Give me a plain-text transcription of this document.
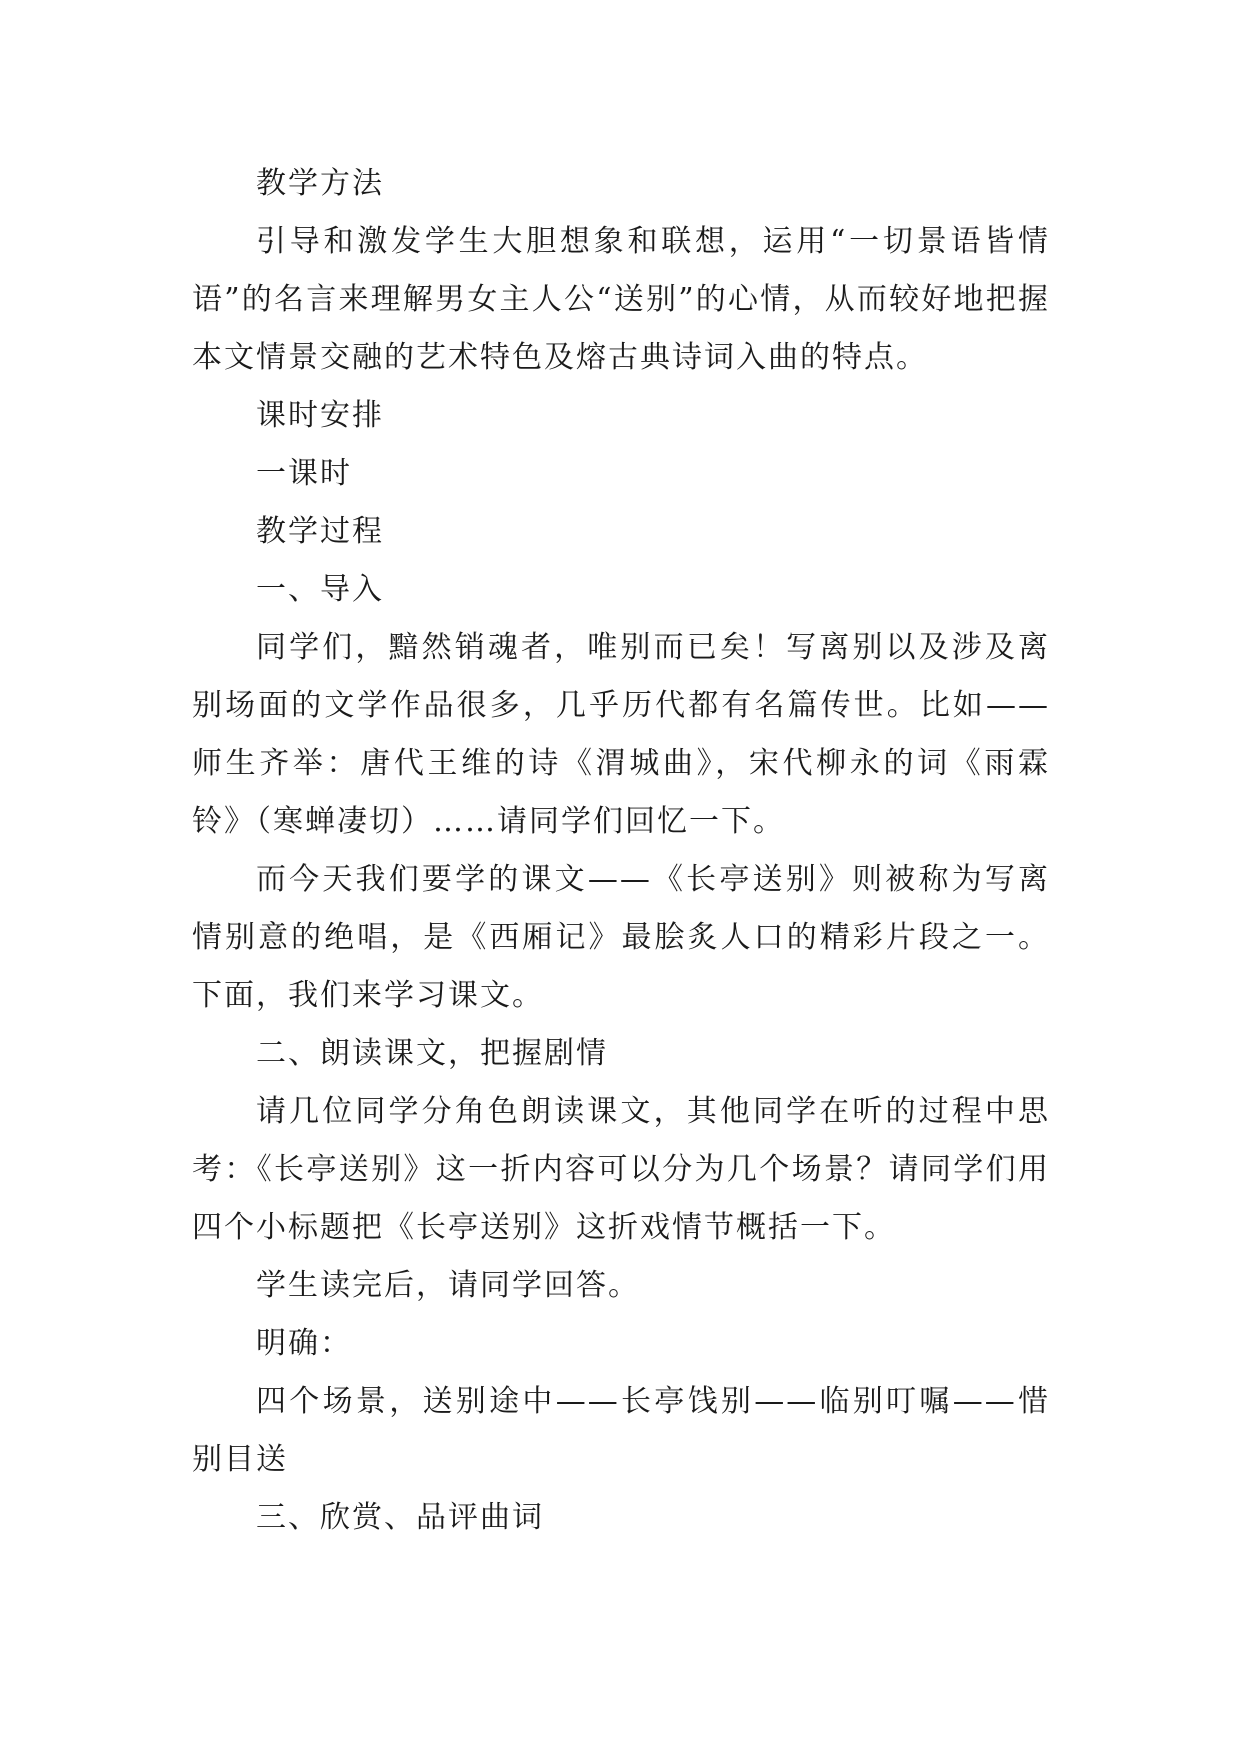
教学方法

引导和激发学生大胆想象和联想，运用“一切景语皆情语”的名言来理解男女主人公“送别”的心情，从而较好地把握本文情景交融的艺术特色及熔古典诗词入曲的特点。

课时安排

一课时

教学过程

一、导入

同学们，黯然销魂者，唯别而已矣！写离别以及涉及离别场面的文学作品很多，几乎历代都有名篇传世。比如——师生齐举：唐代王维的诗《渭城曲》，宋代柳永的词《雨霖铃》（寒蝉凄切）……请同学们回忆一下。

而今天我们要学的课文——《长亭送别》则被称为写离情别意的绝唱，是《西厢记》最脍炙人口的精彩片段之一。下面，我们来学习课文。

二、朗读课文，把握剧情

请几位同学分角色朗读课文，其他同学在听的过程中思考：《长亭送别》这一折内容可以分为几个场景？请同学们用四个小标题把《长亭送别》这折戏情节概括一下。

学生读完后，请同学回答。

明确：

四个场景，送别途中——长亭饯别——临别叮嘱——惜别目送

三、欣赏、品评曲词
